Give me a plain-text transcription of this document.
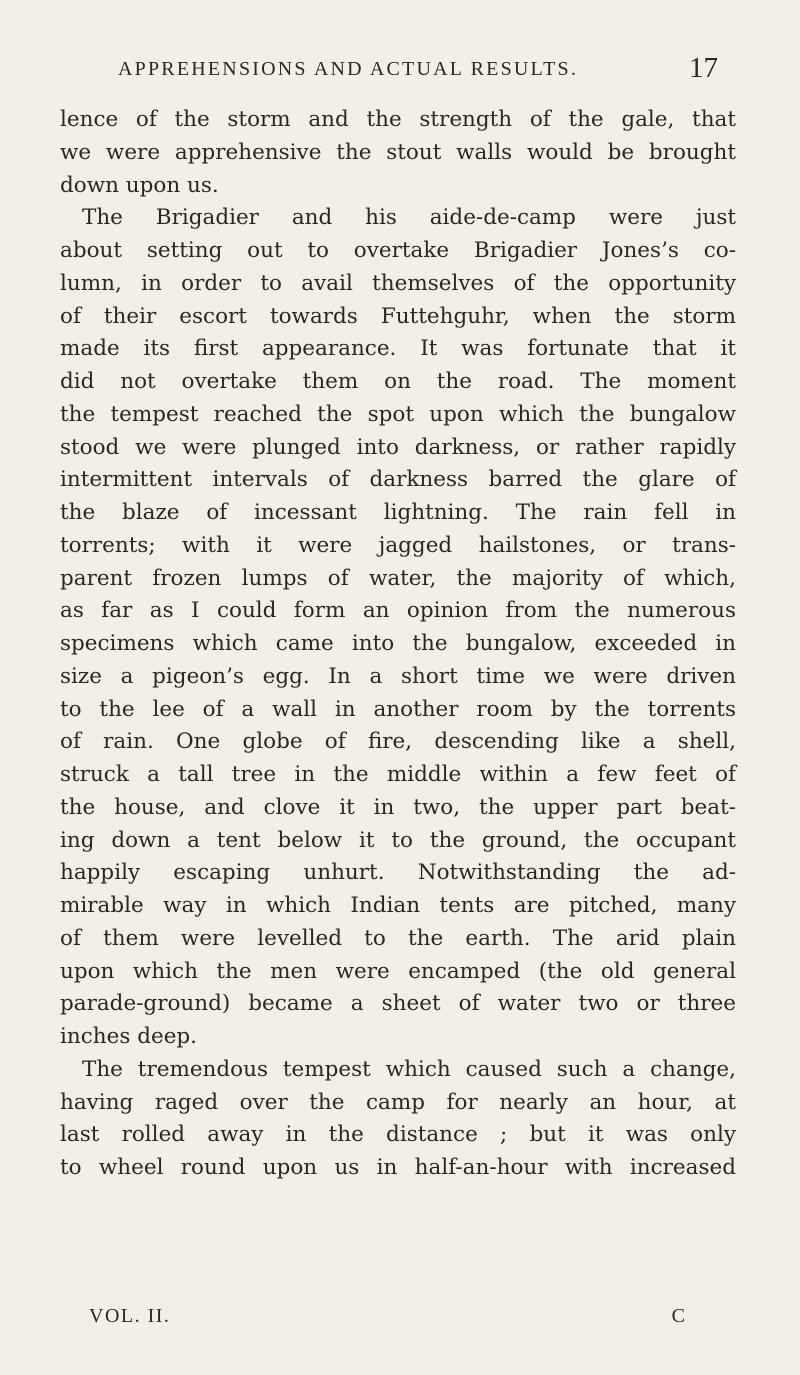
APPREHENSIONS AND ACTUAL RESULTS.	17
lence of the storm and the strength of the gale, that
we were apprehensive the stout walls would be brought
down upon us.
The Brigadier and his aide-de-camp were just
about setting out to overtake Brigadier Jones’s co-
lumn, in order to avail themselves of the opportunity
of their escort towards Futtehguhr, when the storm
made its first appearance. It was fortunate that it
did not overtake them on the road. The moment
the tempest reached the spot upon which the bungalow
stood we were plunged into darkness, or rather rapidly
intermittent intervals of darkness barred the glare of
the blaze of incessant lightning. The rain fell in
torrents; with it were jagged hailstones, or trans-
parent frozen lumps of water, the majority of which,
as far as I could form an opinion from the numerous
specimens which came into the bungalow, exceeded in
size a pigeon’s egg. In a short time we were driven
to the lee of a wall in another room by the torrents
of rain. One globe of fire, descending like a shell,
struck a tall tree in the middle within a few feet of
the house, and clove it in two, the upper part beat-
ing down a tent below it to the ground, the occupant
happily escaping unhurt. Notwithstanding the ad-
mirable way in which Indian tents are pitched, many
of them were levelled to the earth. The arid plain
upon which the men were encamped (the old general
parade-ground) became a sheet of water two or three
inches deep.
The tremendous tempest which caused such a change,
having raged over the camp for nearly an hour, at
last rolled away in the distance ; but it was only
to wheel round upon us in half-an-hour with increased
VOL. II.	C
